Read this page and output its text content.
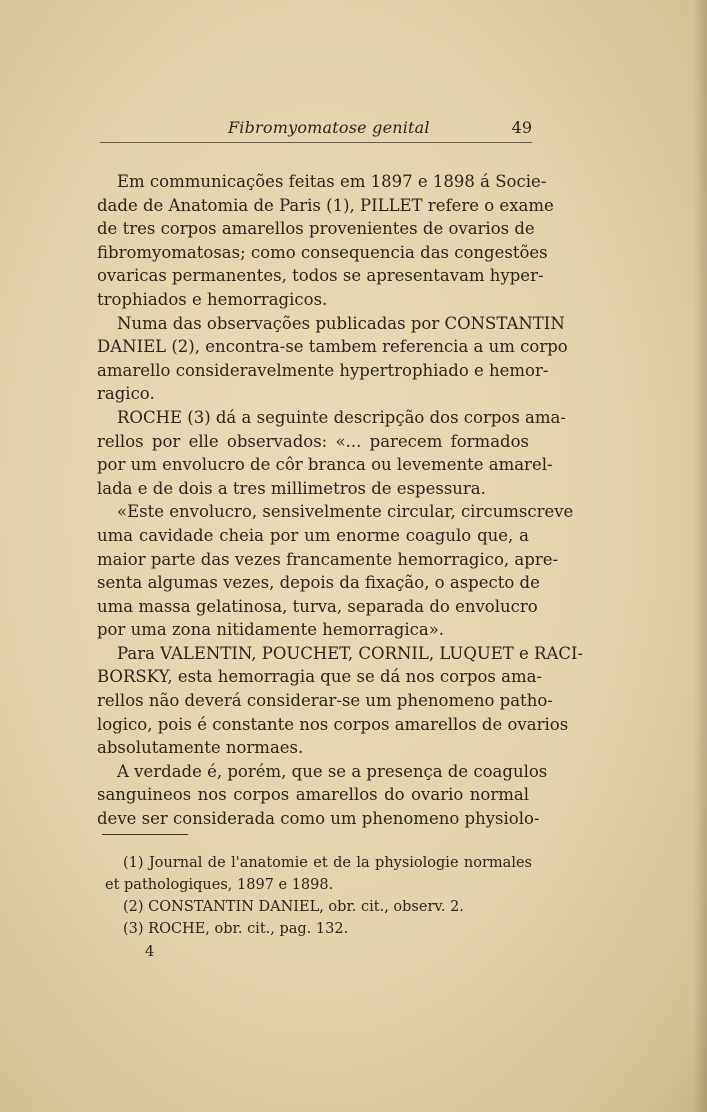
Fibromyomatose genital	49
Em communicações feitas em 1897 e 1898 á Socie-
dade de Anatomia de Paris (1), PILLET refere o exame
de tres corpos amarellos provenientes de ovarios de
fibromyomatosas; como consequencia das congestões
ovaricas permanentes, todos se apresentavam hyper-
trophiados e hemorragicos.
Numa das observações publicadas por CONSTANTIN
DANIEL (2), encontra-se tambem referencia a um corpo
amarello consideravelmente hypertrophiado e hemor-
ragico.
ROCHE (3) dá a seguinte descripção dos corpos ama-
rellos por elle observados: «... parecem formados
por um envolucro de côr branca ou levemente amarel-
lada e de dois a tres millimetros de espessura.
«Este envolucro, sensivelmente circular, circumscreve
uma cavidade cheia por um enorme coagulo que, a
maior parte das vezes francamente hemorragico, apre-
senta algumas vezes, depois da fixação, o aspecto de
uma massa gelatinosa, turva, separada do envolucro
por uma zona nitidamente hemorragica».
Para VALENTIN, POUCHET, CORNIL, LUQUET e RACI-
BORSKY, esta hemorragia que se dá nos corpos ama-
rellos não deverá considerar-se um phenomeno patho-
logico, pois é constante nos corpos amarellos de ovarios
absolutamente normaes.
A verdade é, porém, que se a presença de coagulos
sanguineos nos corpos amarellos do ovario normal
deve ser considerada como um phenomeno physiolo-
(1) Journal de l'anatomie et de la physiologie normales
et pathologiques, 1897 e 1898.
(2) CONSTANTIN DANIEL, obr. cit., observ. 2.
(3) ROCHE, obr. cit., pag. 132.
4
